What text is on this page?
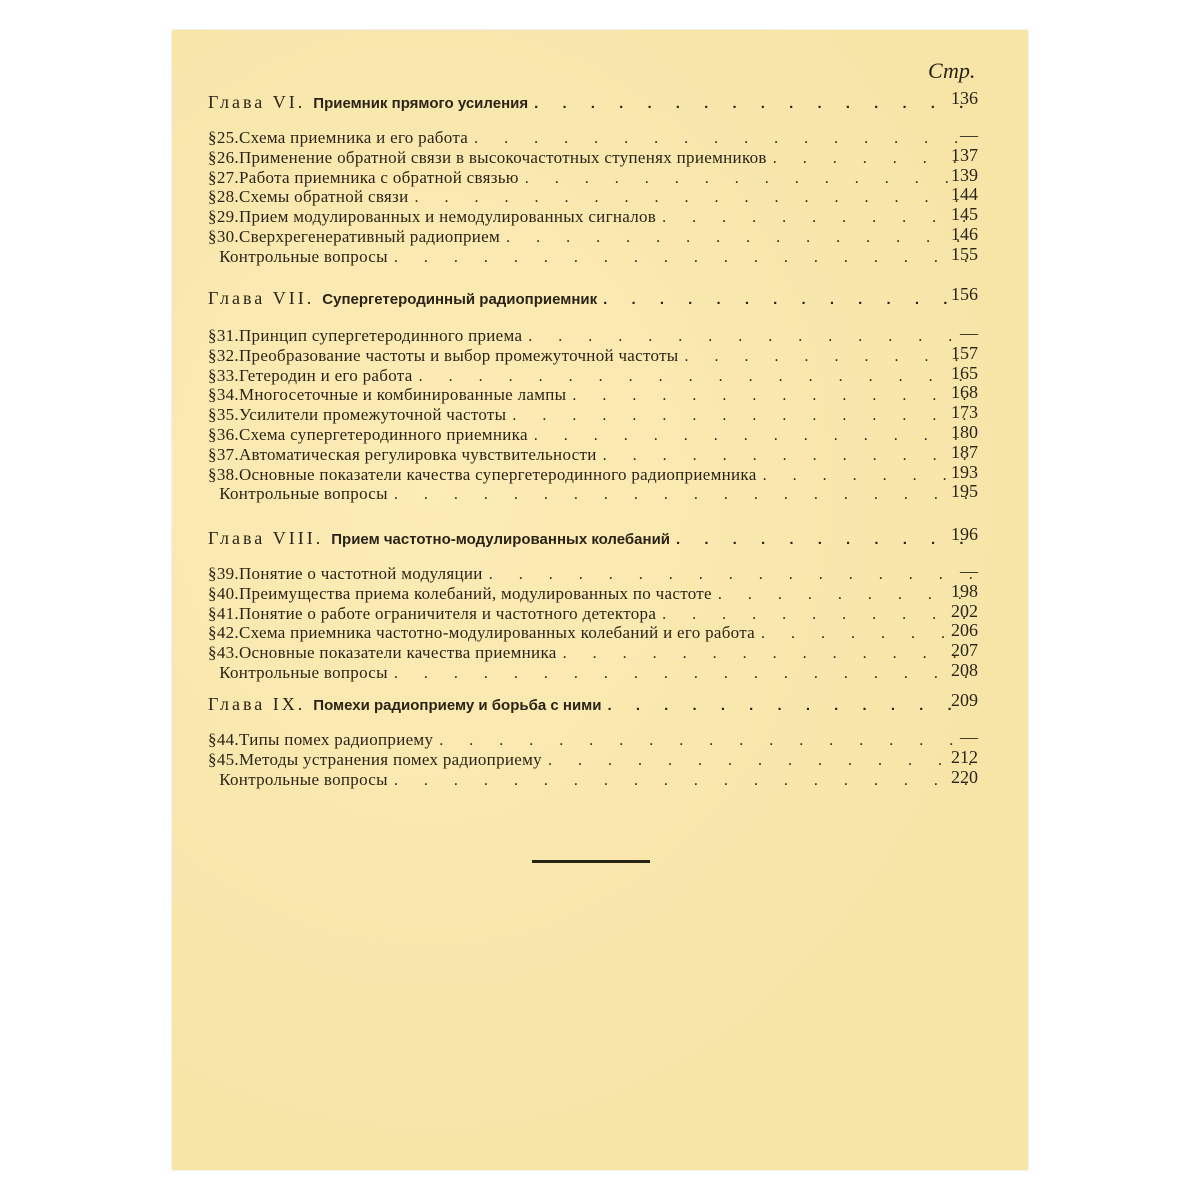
Стр.
Глава VI. Приемник прямого усиления . . .	136
§ 25. Схема приемника и его работа . . .	—
§ 26. Применение обратной связи в высокочастотных ступенях приемников . . .	137
§ 27. Работа приемника с обратной связью . . .	139
§ 28. Схемы обратной связи . . .	144
§ 29. Прием модулированных и немодулированных сигналов . . .	145
§ 30. Сверхрегенеративный радиоприем . . .	146
Контрольные вопросы . . .	155
Глава VII. Супергетеродинный радиоприемник . . .	156
§ 31. Принцип супергетеродинного приема . . .	—
§ 32. Преобразование частоты и выбор промежуточной частоты . . .	157
§ 33. Гетеродин и его работа . . .	165
§ 34. Многосеточные и комбинированные лампы . . .	168
§ 35. Усилители промежуточной частоты . . .	173
§ 36. Схема супергетеродинного приемника . . .	180
§ 37. Автоматическая регулировка чувствительности . . .	187
§ 38. Основные показатели качества супергетеродинного радиоприемника . . .	193
Контрольные вопросы . . .	195
Глава VIII. Прием частотно-модулированных колебаний . . .	196
§ 39. Понятие о частотной модуляции . . .	—
§ 40. Преимущества приема колебаний, модулированных по частоте . . .	198
§ 41. Понятие о работе ограничителя и частотного детектора . . .	202
§ 42. Схема приемника частотно-модулированных колебаний и его работа . . .	206
§ 43. Основные показатели качества приемника . . .	207
Контрольные вопросы . . .	208
Глава IX. Помехи радиоприему и борьба с ними . . .	209
§ 44. Типы помех радиоприему . . .	—
§ 45. Методы устранения помех радиоприему . . .	212
Контрольные вопросы . . .	220
